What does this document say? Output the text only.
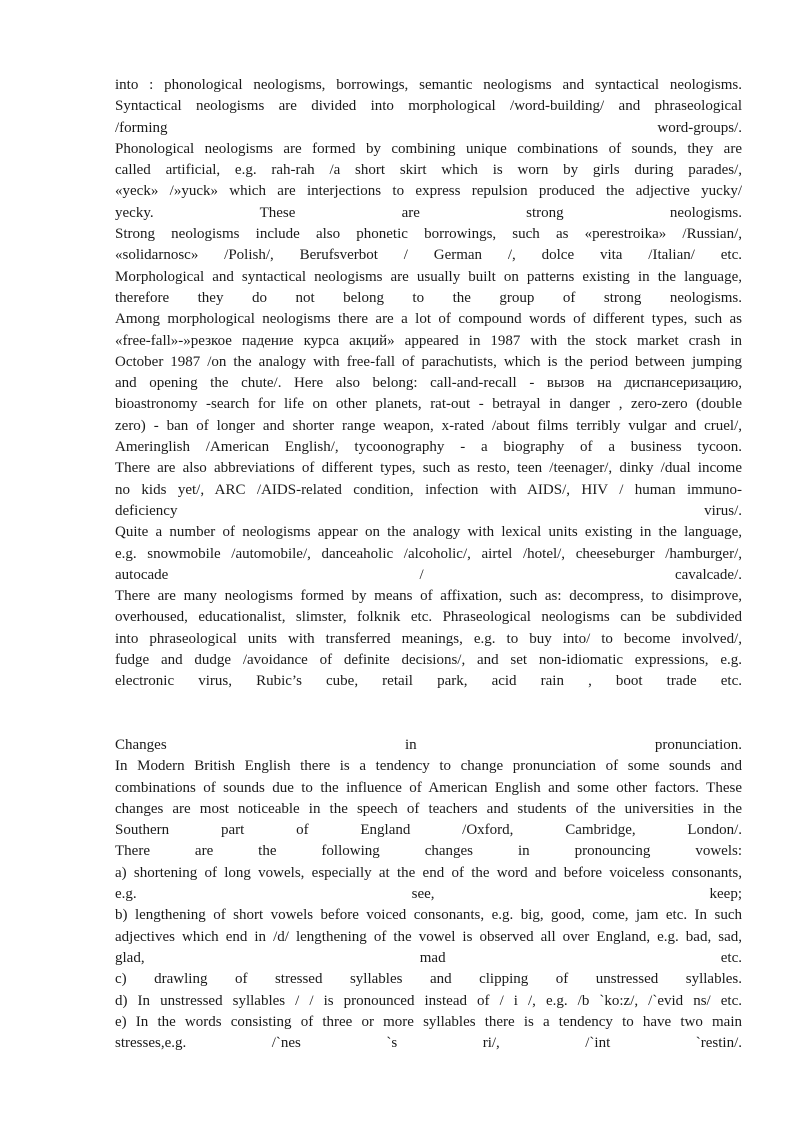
into : phonological neologisms, borrowings, semantic neologisms and syntactical neologisms.
Syntactical neologisms are divided into morphological /word-building/ and phraseological
/forming word-groups/.
Phonological neologisms are formed by combining unique combinations of sounds, they are
called artificial, e.g. rah-rah /a short skirt which is worn by girls during parades/,
«yeck» /»yuck» which are interjections to express repulsion produced the adjective yucky/
yecky. These are strong neologisms.
Strong neologisms include also phonetic borrowings, such as «perestroika» /Russian/,
«solidarnosc» /Polish/, Berufsverbot / German /, dolce vita /Italian/ etc.
Morphological and syntactical neologisms are usually built on patterns existing in the language,
therefore they do not belong to the group of strong neologisms.
Among morphological neologisms there are a lot of compound words of different types, such as
«free-fall»-»резкое падение курса акций» appeared in 1987 with the stock market crash in
October 1987 /on the analogy with free-fall of parachutists, which is the period between jumping
and opening the chute/. Here also belong: call-and-recall - вызов на диспансеризацию,
bioastronomy -search for life on other planets, rat-out - betrayal in danger , zero-zero (double
zero) - ban of longer and shorter range weapon, x-rated /about films terribly vulgar and cruel/,
Ameringlish /American English/, tycoonography - a biography of a business tycoon.
There are also abbreviations of different types, such as resto, teen /teenager/, dinky /dual income
no kids yet/, ARC /AIDS-related condition, infection with AIDS/, HIV / human immuno-
deficiency virus/.
Quite a number of neologisms appear on the analogy with lexical units existing in the language,
e.g. snowmobile /automobile/, danceaholic /alcoholic/, airtel /hotel/, cheeseburger /hamburger/,
autocade / cavalcade/.
There are many neologisms formed by means of affixation, such as: decompress, to disimprove,
overhoused, educationalist, slimster, folknik etc. Phraseological neologisms can be subdivided
into phraseological units with transferred meanings, e.g. to buy into/ to become involved/,
fudge and dudge /avoidance of definite decisions/, and set non-idiomatic expressions, e.g.
electronic virus, Rubic’s cube, retail park, acid rain , boot trade etc.
Changes in pronunciation.
In Modern British English there is a tendency to change pronunciation of some sounds and
combinations of sounds due to the influence of American English and some other factors. These
changes are most noticeable in the speech of teachers and students of the universities in the
Southern part of England /Oxford, Cambridge, London/.
There are the following changes in pronouncing vowels:
a) shortening of long vowels, especially at the end of the word and before voiceless consonants,
e.g. see, keep;
b) lengthening of short vowels before voiced consonants, e.g. big, good, come, jam etc. In such
adjectives which end in /d/ lengthening of the vowel is observed all over England, e.g. bad, sad,
glad, mad etc.
c) drawling of stressed syllables and clipping of unstressed syllables.
d) In unstressed syllables / / is pronounced instead of / i /, e.g. /b `ko:z/, /`evid ns/ etc.
e) In the words consisting of three or more syllables there is a tendency to have two main
stresses,e.g. /`nes `s ri/, /`int `restin/.
